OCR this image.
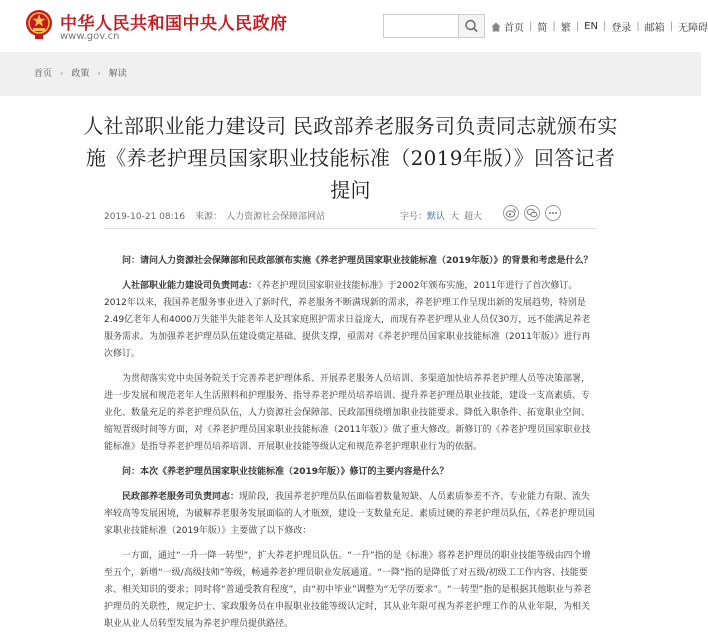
中华人民共和国中央人民政府
www.gov.cn
首页 | 简 | 繁 | EN | 登录 | 邮箱 | 无障碍
首页 › 政策 › 解读
人社部职业能力建设司 民政部养老服务司负责同志就颁布实施《养老护理员国家职业技能标准（2019年版）》回答记者提问
2019-10-21 08:16 来源： 人力资源社会保障部网站	字号：默认 大 超大

问：请问人力资源社会保障部和民政部颁布实施《养老护理员国家职业技能标准（2019年版）》的背景和考虑是什么？

人社部职业能力建设司负责同志：《养老护理员国家职业技能标准》于2002年颁布实施，2011年进行了首次修订。2012年以来，我国养老服务事业进入了新时代，养老服务不断满现新的需求，养老护理工作呈现出新的发展趋势，特别是2.49亿老年人和4000万失能半失能老年人及其家庭照护需求日益庞大，而现有养老护理从业人员仅30万，远不能满足养老服务需求。为加强养老护理员队伍建设奠定基础、提供支撑，亟需对《养老护理员国家职业技能标准（2011年版）》进行再次修订。

为贯彻落实党中央国务院关于完善养老护理体系、开展养老服务人员培训、多渠道加快培养养老护理人员等决策部署，进一步发展和规范老年人生活照料和护理服务、指导养老护理员培养培训、提升养老护理员职业技能，建设一支高素质、专业化、数量充足的养老护理员队伍，人力资源社会保障部、民政部围绕增加职业技能要求、降低入职条件、拓宽职业空间、缩短晋级时间等方面，对《养老护理员国家职业技能标准（2011年版）》做了重大修改。新修订的《养老护理员国家职业技能标准》是指导养老护理员培养培训、开展职业技能等级认定和规范养老护理职业行为的依据。

问：本次《养老护理员国家职业技能标准（2019年版）》修订的主要内容是什么？

民政部养老服务司负责同志：现阶段，我国养老护理员队伍面临着数量短缺、人员素质参差不齐、专业能力有限、流失率较高等发展困境，为破解养老服务发展面临的人才瓶颈，建设一支数量充足、素质过硬的养老护理员队伍，《养老护理员国家职业技能标准（2019年版）》主要做了以下修改：

一方面，通过“一升一降一转型”，扩大养老护理员队伍。“一升”指的是《标准》将养老护理员的职业技能等级由四个增至五个，新增“一级/高级技师”等级，畅通养老护理员职业发展通道。“一降”指的是降低了对五级/初级工工作内容、技能要求、相关知识的要求；同时将“普通受教育程度”，由“初中毕业”调整为“无学历要求”。“一转型”指的是根据其他职业与养老护理员的关联性，规定护士、家政服务员在申报职业技能等级认定时，其从业年限可视为养老护理工作的从业年限，为相关职业从业人员转型发展为养老护理员提供路径。
